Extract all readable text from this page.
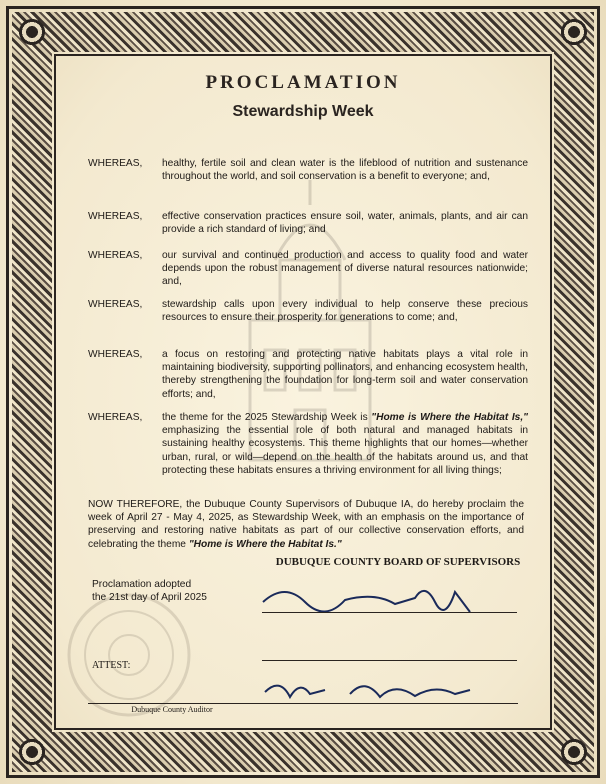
PROCLAMATION
Stewardship Week
WHEREAS,	healthy, fertile soil and clean water is the lifeblood of nutrition and sustenance throughout the world, and soil conservation is a benefit to everyone; and,
WHEREAS,	effective conservation practices ensure soil, water, animals, plants, and air can provide a rich standard of living; and
WHEREAS,	our survival and continued production and access to quality food and water depends upon the robust management of diverse natural resources nationwide; and,
WHEREAS,	stewardship calls upon every individual to help conserve these precious resources to ensure their prosperity for generations to come; and,
WHEREAS,	a focus on restoring and protecting native habitats plays a vital role in maintaining biodiversity, supporting pollinators, and enhancing ecosystem health, thereby strengthening the foundation for long-term soil and water conservation efforts; and,
WHEREAS,	the theme for the 2025 Stewardship Week is "Home is Where the Habitat Is," emphasizing the essential role of both natural and managed habitats in sustaining healthy ecosystems. This theme highlights that our homes—whether urban, rural, or wild—depend on the health of the habitats around us, and that protecting these habitats ensures a thriving environment for all living things;
NOW THEREFORE, the Dubuque County Supervisors of Dubuque IA, do hereby proclaim the week of April 27 - May 4, 2025, as Stewardship Week, with an emphasis on the importance of preserving and restoring native habitats as part of our collective conservation efforts, and celebrating the theme "Home is Where the Habitat Is."
DUBUQUE COUNTY BOARD OF SUPERVISORS
Proclamation adopted
the 21st day of April 2025
ATTEST:
Dubuque County Auditor
